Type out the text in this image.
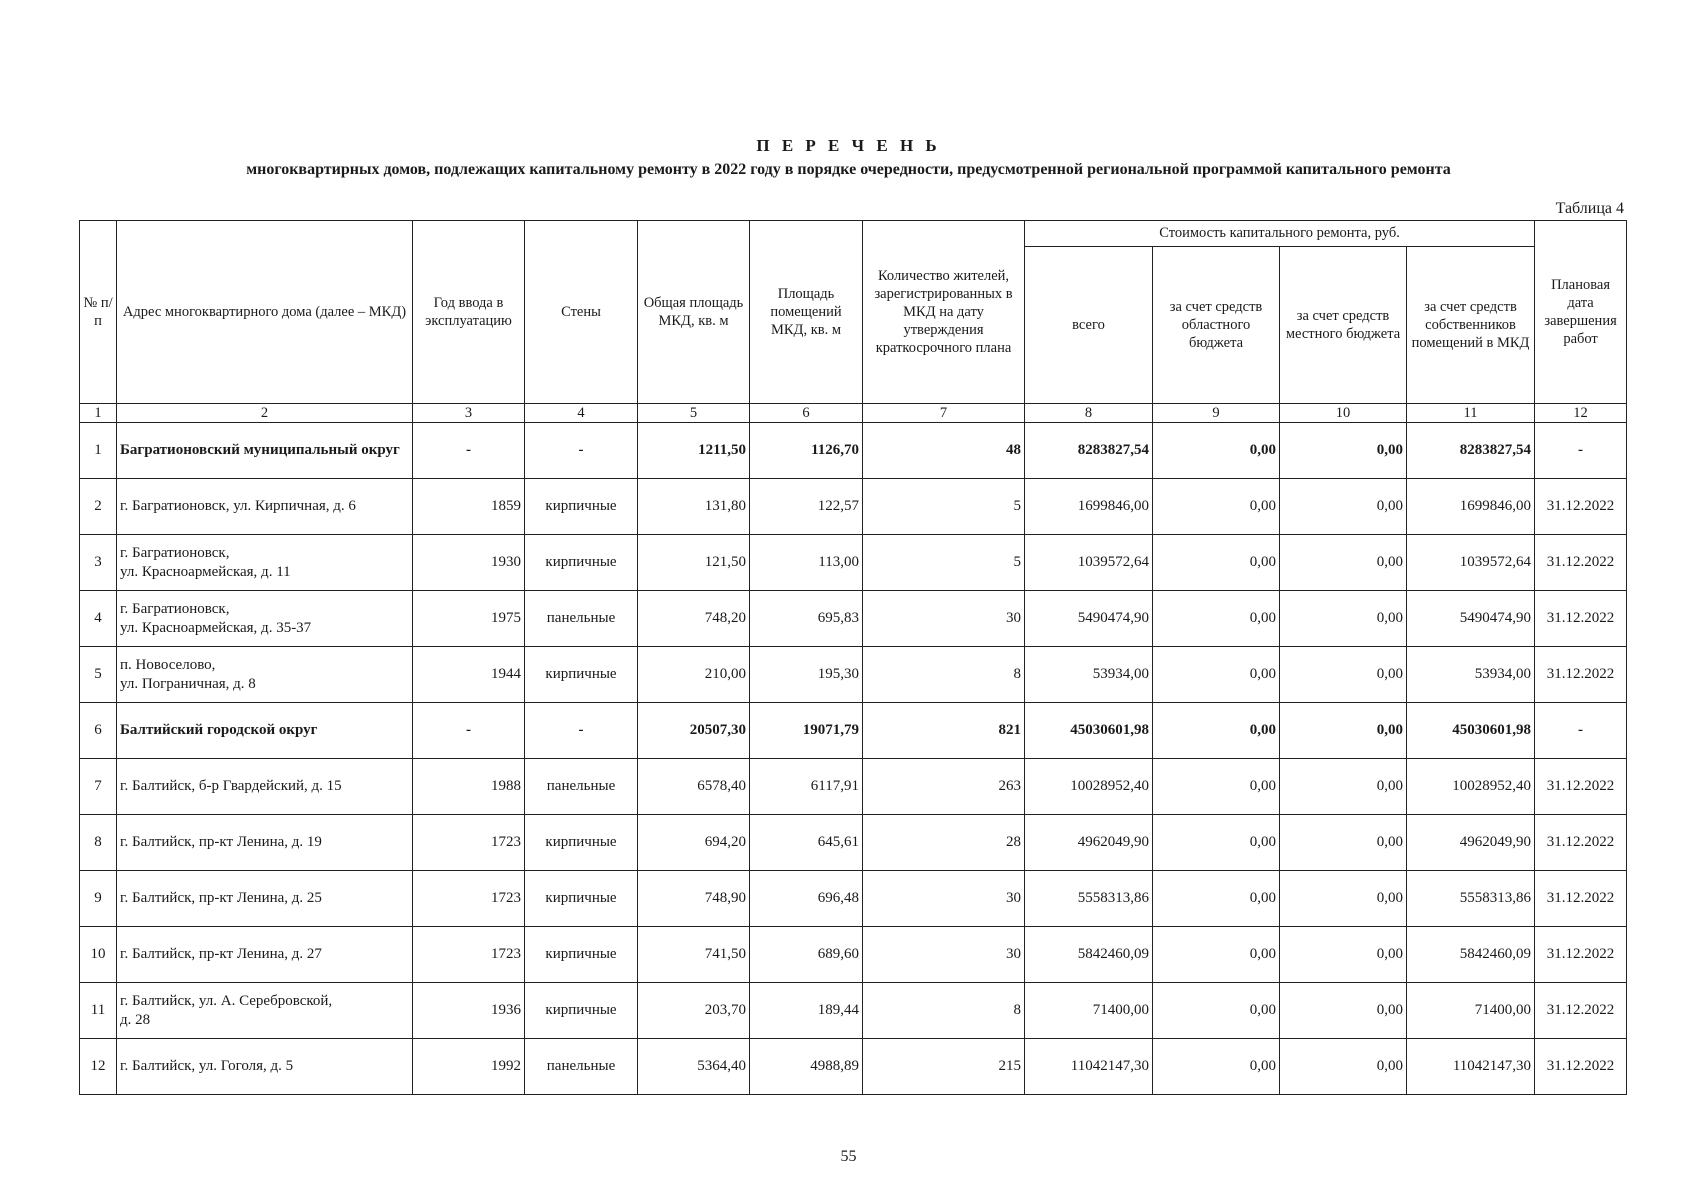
П Е Р Е Ч Е Н Ь
многоквартирных домов, подлежащих капитальному ремонту в 2022 году в порядке очередности, предусмотренной региональной программой капитального ремонта
Таблица 4
№ п/п	Адрес многоквартирного дома (далее – МКД)	Год ввода в эксплуатацию	Стены	Общая площадь МКД, кв. м	Площадь помещений МКД, кв. м	Количество жителей, зарегистрированных в МКД на дату утверждения краткосрочного плана	Стоимость капитального ремонта, руб.				Плановая дата завершения работ
							всего	за счет средств областного бюджета	за счет средств местного бюджета	за счет средств собственников помещений в МКД	
1	2	3	4	5	6	7	8	9	10	11	12
1	Багратионовский муниципальный округ	-	-	1211,50	1126,70	48	8283827,54	0,00	0,00	8283827,54	-
2	г. Багратионовск, ул. Кирпичная, д. 6	1859	кирпичные	131,80	122,57	5	1699846,00	0,00	0,00	1699846,00	31.12.2022
3	г. Багратионовск,
ул. Красноармейская, д. 11	1930	кирпичные	121,50	113,00	5	1039572,64	0,00	0,00	1039572,64	31.12.2022
4	г. Багратионовск,
ул. Красноармейская, д. 35-37	1975	панельные	748,20	695,83	30	5490474,90	0,00	0,00	5490474,90	31.12.2022
5	п. Новоселово,
ул. Пограничная, д. 8	1944	кирпичные	210,00	195,30	8	53934,00	0,00	0,00	53934,00	31.12.2022
6	Балтийский городской округ	-	-	20507,30	19071,79	821	45030601,98	0,00	0,00	45030601,98	-
7	г. Балтийск, б-р Гвардейский, д. 15	1988	панельные	6578,40	6117,91	263	10028952,40	0,00	0,00	10028952,40	31.12.2022
8	г. Балтийск, пр-кт Ленина, д. 19	1723	кирпичные	694,20	645,61	28	4962049,90	0,00	0,00	4962049,90	31.12.2022
9	г. Балтийск, пр-кт Ленина, д. 25	1723	кирпичные	748,90	696,48	30	5558313,86	0,00	0,00	5558313,86	31.12.2022
10	г. Балтийск, пр-кт Ленина, д. 27	1723	кирпичные	741,50	689,60	30	5842460,09	0,00	0,00	5842460,09	31.12.2022
11	г. Балтийск, ул. А. Серебровской,
д. 28	1936	кирпичные	203,70	189,44	8	71400,00	0,00	0,00	71400,00	31.12.2022
12	г. Балтийск, ул. Гоголя, д. 5	1992	панельные	5364,40	4988,89	215	11042147,30	0,00	0,00	11042147,30	31.12.2022
55
